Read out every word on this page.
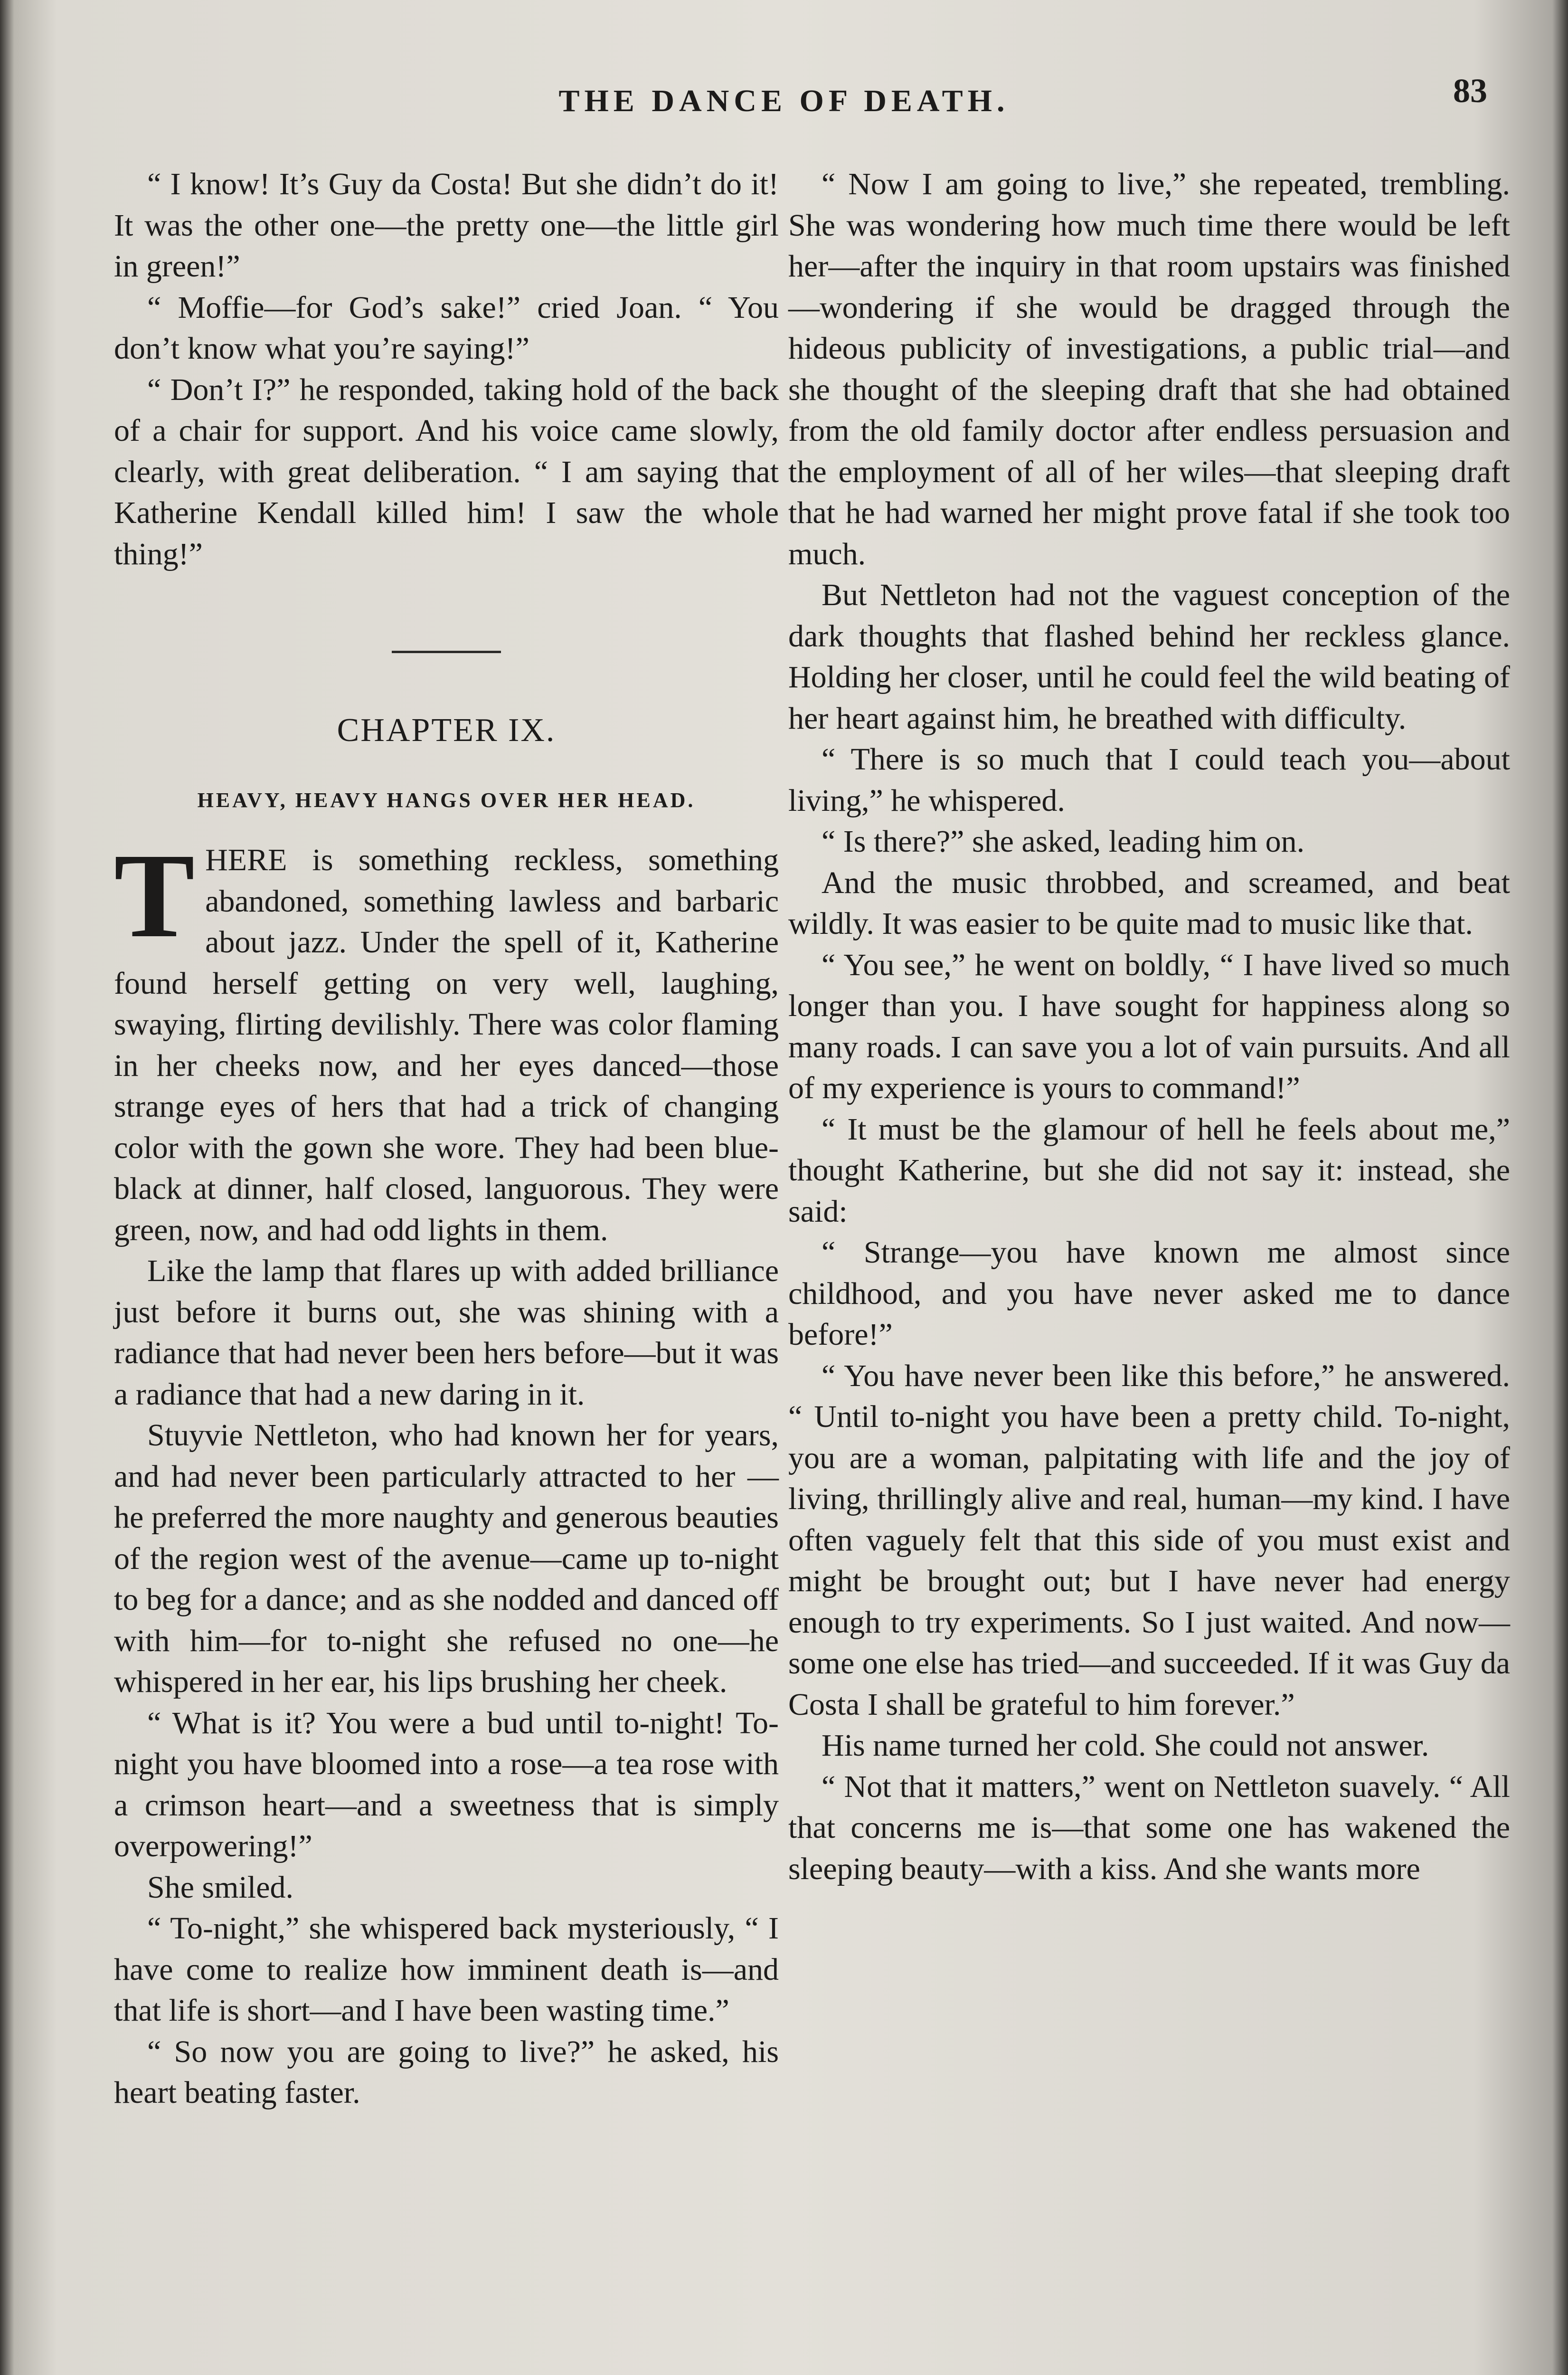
THE DANCE OF DEATH.	83

“ I know! It’s Guy da Costa! But she didn’t do it! It was the other one—the pretty one—the little girl in green!”

“ Moffie—for God’s sake!” cried Joan. “ You don’t know what you’re saying!”

“ Don’t I?” he responded, taking hold of the back of a chair for support. And his voice came slowly, clearly, with great deliberation. “ I am saying that Katherine Kendall killed him! I saw the whole thing!”

CHAPTER IX.
HEAVY, HEAVY HANGS OVER HER HEAD.
T HERE is something reckless, something abandoned, something lawless and barbaric about jazz. Under the spell of it, Katherine found herself getting on very well, laughing, swaying, flirting devilishly. There was color flaming in her cheeks now, and her eyes danced—those strange eyes of hers that had a trick of changing color with the gown she wore. They had been blue-black at dinner, half closed, languorous. They were green, now, and had odd lights in them.

Like the lamp that flares up with added brilliance just before it burns out, she was shining with a radiance that had never been hers before—but it was a radiance that had a new daring in it.

Stuyvie Nettleton, who had known her for years, and had never been particularly attracted to her — he preferred the more naughty and generous beauties of the region west of the avenue—came up to-night to beg for a dance; and as she nodded and danced off with him—for to-night she refused no one—he whispered in her ear, his lips brushing her cheek.

“ What is it? You were a bud until to-night! To-night you have bloomed into a rose—a tea rose with a crimson heart—and a sweetness that is simply overpowering!”

She smiled.

“ To-night,” she whispered back mysteriously, “ I have come to realize how imminent death is—and that life is short—and I have been wasting time.”

“ So now you are going to live?” he asked, his heart beating faster.

“ Now I am going to live,” she repeated, trembling. She was wondering how much time there would be left her—after the inquiry in that room upstairs was finished—wondering if she would be dragged through the hideous publicity of investigations, a public trial—and she thought of the sleeping draft that she had obtained from the old family doctor after endless persuasion and the employment of all of her wiles—that sleeping draft that he had warned her might prove fatal if she took too much.

But Nettleton had not the vaguest conception of the dark thoughts that flashed behind her reckless glance. Holding her closer, until he could feel the wild beating of her heart against him, he breathed with difficulty.

“ There is so much that I could teach you—about living,” he whispered.

“ Is there?” she asked, leading him on.

And the music throbbed, and screamed, and beat wildly. It was easier to be quite mad to music like that.

“ You see,” he went on boldly, “ I have lived so much longer than you. I have sought for happiness along so many roads. I can save you a lot of vain pursuits. And all of my experience is yours to command!”

“ It must be the glamour of hell he feels about me,” thought Katherine, but she did not say it: instead, she said:

“ Strange—you have known me almost since childhood, and you have never asked me to dance before!”

“ You have never been like this before,” he answered. “ Until to-night you have been a pretty child. To-night, you are a woman, palpitating with life and the joy of living, thrillingly alive and real, human—my kind. I have often vaguely felt that this side of you must exist and might be brought out; but I have never had energy enough to try experiments. So I just waited. And now—some one else has tried—and succeeded. If it was Guy da Costa I shall be grateful to him forever.”

His name turned her cold. She could not answer.

“ Not that it matters,” went on Nettleton suavely. “ All that concerns me is—that some one has wakened the sleeping beauty—with a kiss. And she wants more
